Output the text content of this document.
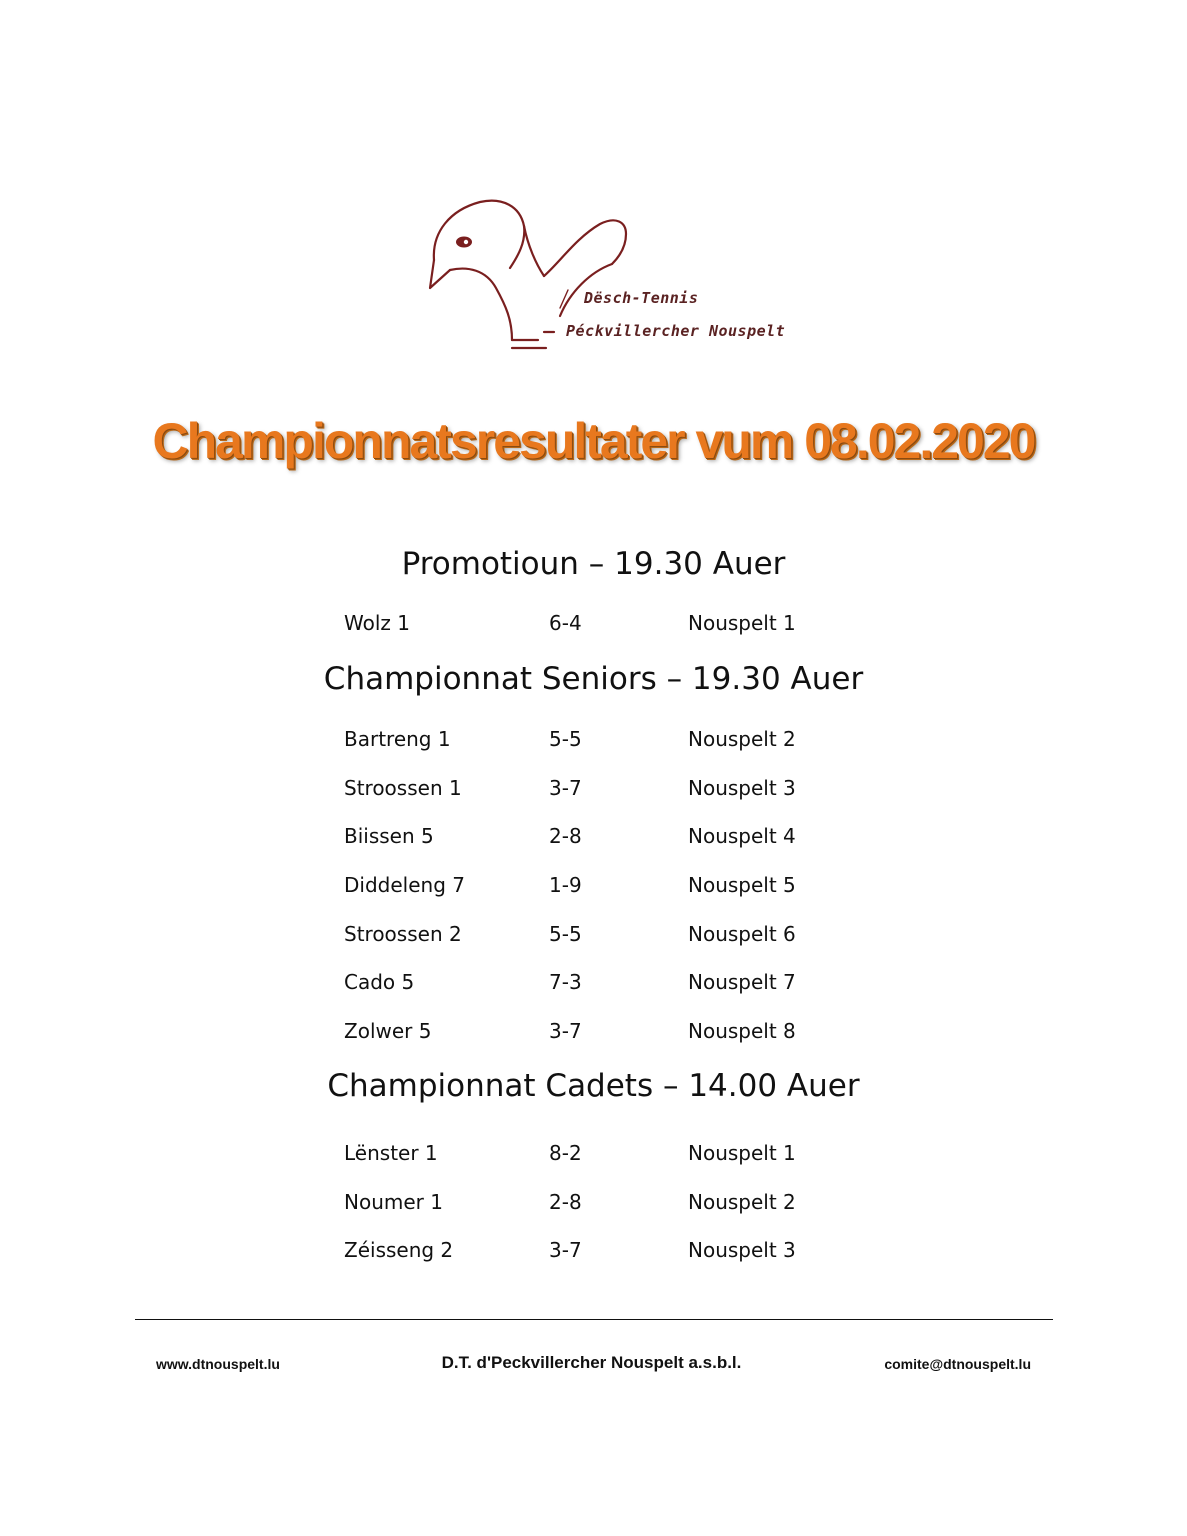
Dësch-Tennis
Péckvillercher Nouspelt
Championnatsresultater vum 08.02.2020
Promotioun – 19.30 Auer
Wolz 1	6-4	Nouspelt 1
Championnat Seniors – 19.30 Auer
Bartreng 1	5-5	Nouspelt 2
Stroossen 1	3-7	Nouspelt 3
Biissen 5	2-8	Nouspelt 4
Diddeleng 7	1-9	Nouspelt 5
Stroossen 2	5-5	Nouspelt 6
Cado 5	7-3	Nouspelt 7
Zolwer 5	3-7	Nouspelt 8
Championnat Cadets – 14.00 Auer
Lënster 1	8-2	Nouspelt 1
Noumer 1	2-8	Nouspelt 2
Zéisseng 2	3-7	Nouspelt 3
www.dtnouspelt.lu	D.T. d'Peckvillercher Nouspelt a.s.b.l.	comite@dtnouspelt.lu
